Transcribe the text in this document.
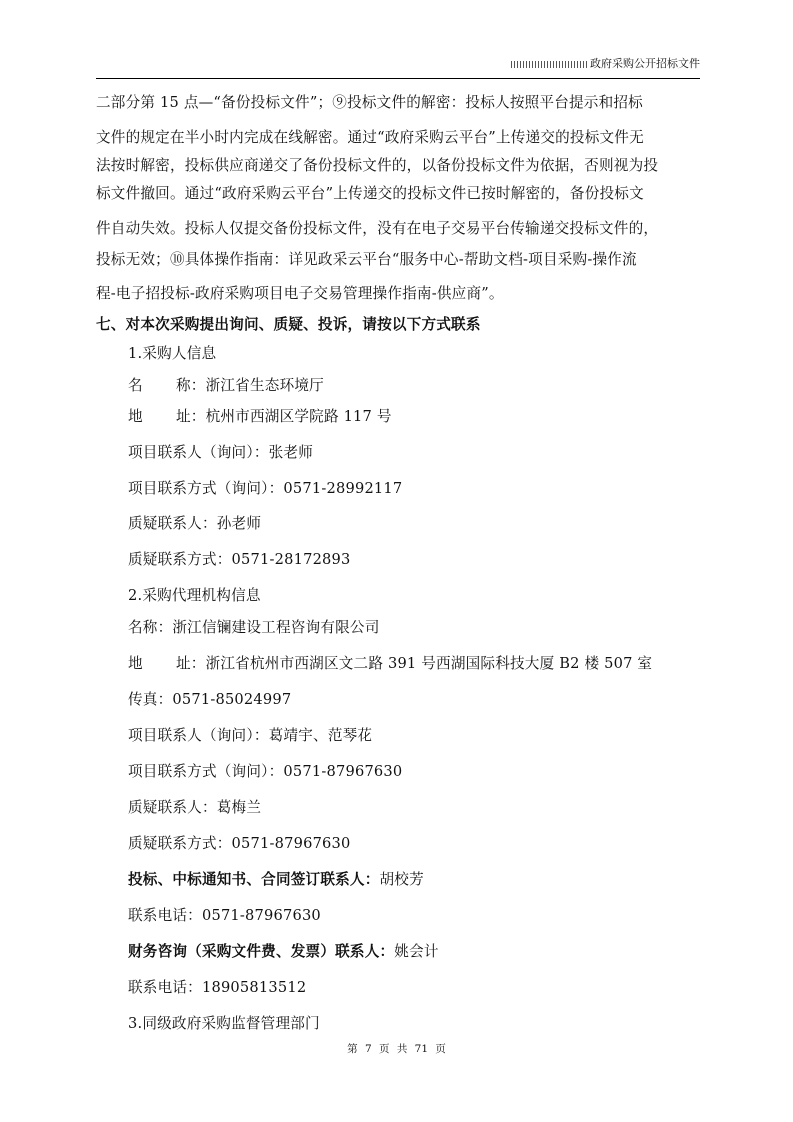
政府采购公开招标文件
二部分第 15 点—“备份投标文件”；⑨投标文件的解密：投标人按照平台提示和招标
文件的规定在半小时内完成在线解密。通过“政府采购云平台”上传递交的投标文件无
法按时解密，投标供应商递交了备份投标文件的，以备份投标文件为依据，否则视为投
标文件撤回。通过“政府采购云平台”上传递交的投标文件已按时解密的，备份投标文
件自动失效。投标人仅提交备份投标文件，没有在电子交易平台传输递交投标文件的，
投标无效；⑩具体操作指南：详见政采云平台“服务中心-帮助文档-项目采购-操作流
程-电子招投标-政府采购项目电子交易管理操作指南-供应商”。
七、对本次采购提出询问、质疑、投诉，请按以下方式联系
1.采购人信息
名 称：浙江省生态环境厅
地 址：杭州市西湖区学院路 117 号
项目联系人（询问）：张老师
项目联系方式（询问）：0571-28992117
质疑联系人：孙老师
质疑联系方式：0571-28172893
2.采购代理机构信息
名称：浙江信镧建设工程咨询有限公司
地 址：浙江省杭州市西湖区文二路 391 号西湖国际科技大厦 B2 楼 507 室
传真：0571-85024997
项目联系人（询问）：葛靖宇、范琴花
项目联系方式（询问）：0571-87967630
质疑联系人：葛梅兰
质疑联系方式：0571-87967630
投标、中标通知书、合同签订联系人：胡校芳
联系电话：0571-87967630
财务咨询（采购文件费、发票）联系人：姚会计
联系电话：18905813512
3.同级政府采购监督管理部门
第 7 页 共 71 页
